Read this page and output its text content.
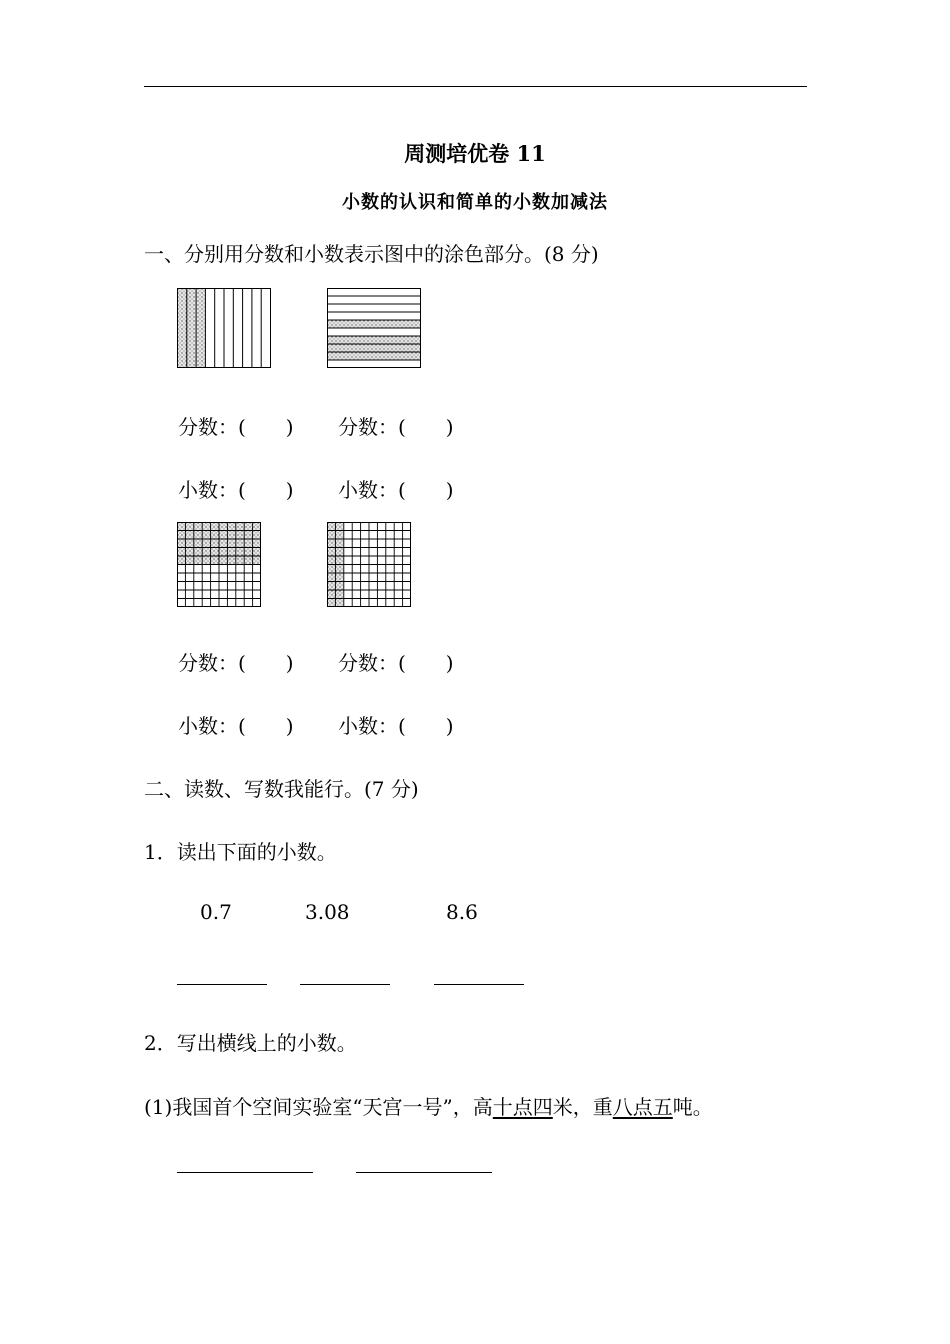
周测培优卷 11
小数的认识和简单的小数加减法
一、分别用分数和小数表示图中的涂色部分。(8 分)
分数：(　　) 分数：(　　)
小数：(　　) 小数：(　　)
分数：(　　) 分数：(　　)
小数：(　　) 小数：(　　)
二、读数、写数我能行。(7 分)
1．读出下面的小数。
0.7	3.08	8.6
2．写出横线上的小数。
(1)我国首个空间实验室“天宫一号”，高十点四米，重八点五吨。
